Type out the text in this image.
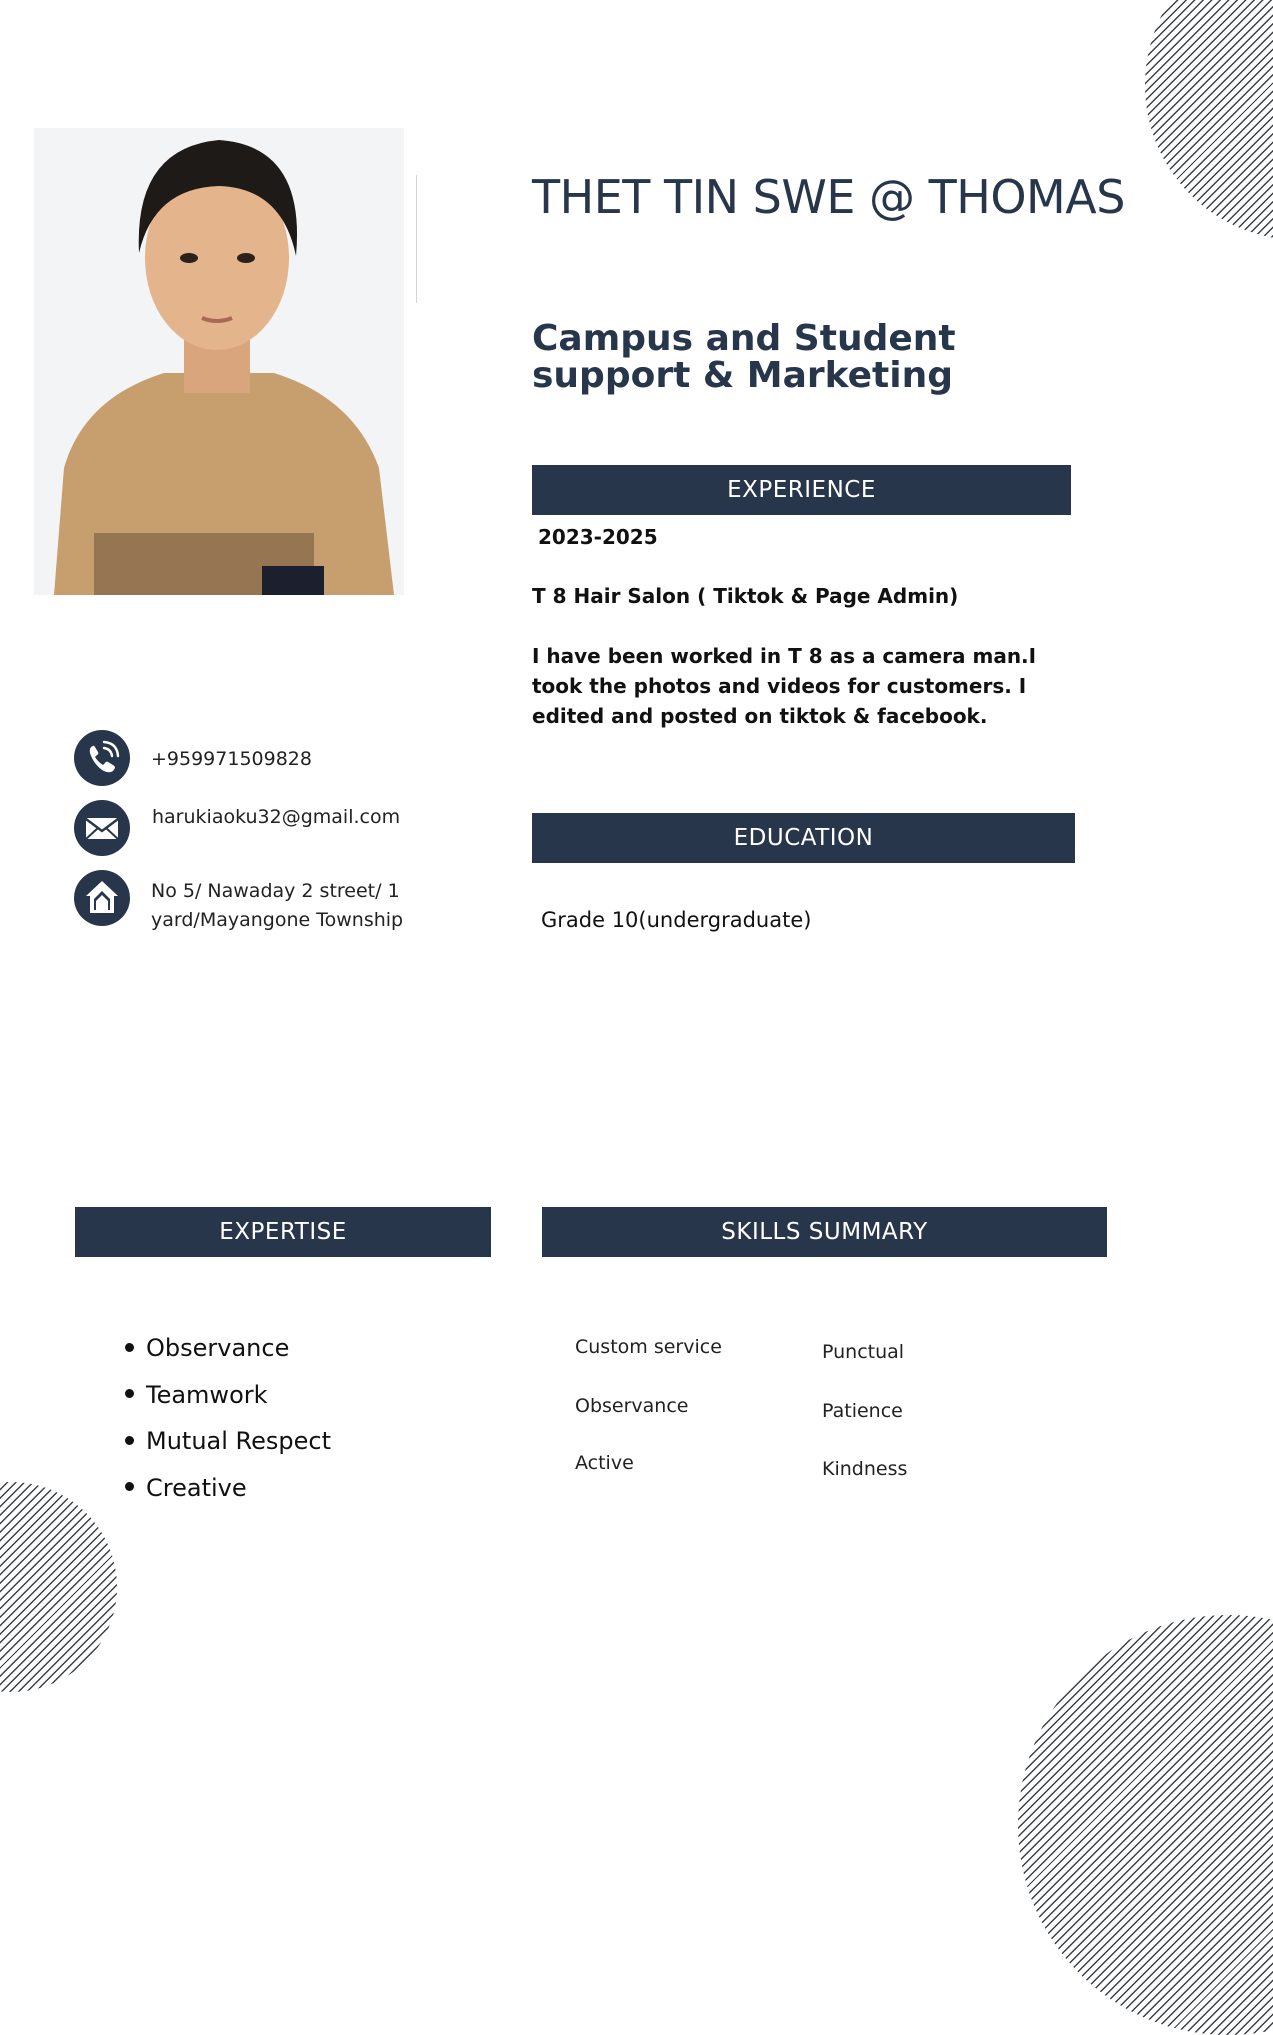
THET TIN SWE @ THOMAS
Campus and Student support & Marketing
EXPERIENCE
2023-2025
T 8 Hair Salon ( Tiktok & Page Admin)

I have been worked in T 8 as a camera man.I
took the photos and videos for customers. I
edited and posted on tiktok & facebook.

EDUCATION
Grade 10(undergraduate)
+959971509828
harukiaoku32@gmail.com

No 5/ Nawaday 2 street/ 1
yard/Mayangone Township

EXPERTISE
Observance
Teamwork
Mutual Respect
Creative
SKILLS SUMMARY
Custom service
Observance
Active
Punctual
Patience
Kindness
